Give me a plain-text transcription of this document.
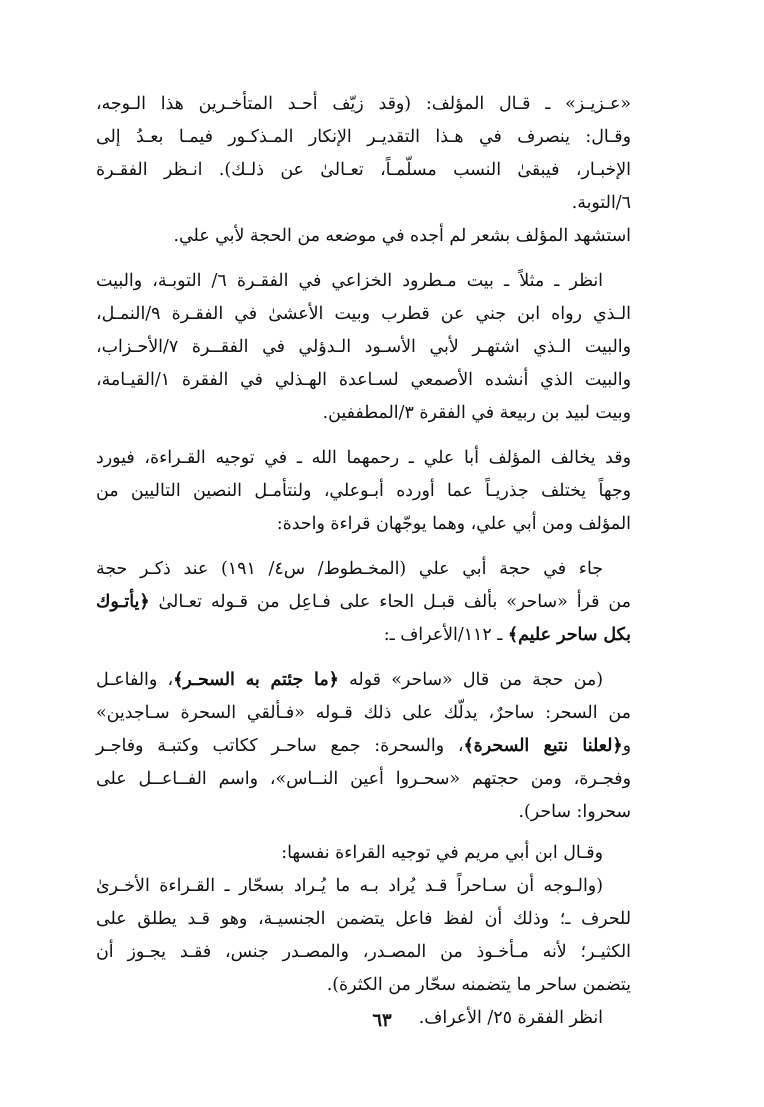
«عـزيـز» ـ قـال المؤلف: (وقد زيّف أحـد المتأخـرين هذا الـوجه،
وقـال: ينصرف في هـذا التقديـر الإنكار المـذكـور فيمـا بعـدُ إلى
الإخبـار، فيبقىٰ النسب مسلّمـاً، تعـالىٰ عن ذلـك). انـظر الفقـرة
٦/التوبة.
استشهد المؤلف بشعر لم أجده في موضعه من الحجة لأبي علي.
انظر ـ مثلاً ـ بيت مـطرود الخزاعي في الفقـرة ٦/ التوبـة، والبيت
الـذي رواه ابن جني عن قطرب وبيت الأعشىٰ في الفقـرة ٩/النمـل،
والبيت الـذي اشتهـر لأبي الأسـود الـدؤلي في الفقــرة ٧/الأحـزاب،
والبيت الذي أنشده الأصمعي لسـاعدة الهـذلي في الفقرة ١/القيـامة،
وبيت لبيد بن ربيعة في الفقرة ٣/المطففين.
وقد يخالف المؤلف أبا علي ـ رحمهما الله ـ في توجيه القـراءة، فيورد
وجهاً يختلف جذريـاً عما أورده أبـوعلي، ولنتأمـل النصين التاليين من
المؤلف ومن أبي علي، وهما يوجّهان قراءة واحدة:
جاء في حجة أبي علي (المخـطوط/ س٤/ ١٩١) عند ذكـر حجة
من قرأ «ساحر» بألف قبـل الحاء على فـاعِل من قـوله تعـالىٰ ﴿يأتـوك
بكل ساحر عليم﴾ ـ ١١٢/الأعراف ـ:
(من حجة من قال «ساحر» قوله ﴿ما جئتم به السحـر﴾، والفاعـل
من السحر: ساحرٌ، يدلّك على ذلك قـوله «فـألقي السحرة سـاجدين»
و﴿لعلنا نتبع السحرة﴾، والسحرة: جمع ساحـر ككاتب وكتبـة وفاجـر
وفجـرة، ومن حجتهم «سحـروا أعين النــاس»، واسم الفــاعــل على
سحروا: ساحر).
وقـال ابن أبي مريم في توجيه القراءة نفسها:
(والـوجه أن سـاحراً قـد يُراد بـه ما يُـراد بسحّار ـ القـراءة الأخـرىٰ
للحرف ـ؛ وذلك أن لفظ فاعل يتضمن الجنسيـة، وهو قـد يطلق على
الكثيـر؛ لأنه مـأخـوذ من المصـدر، والمصـدر جنس، فقـد يجـوز أن
يتضمن ساحر ما يتضمنه سحّار من الكثرة).
انظر الفقرة ٢٥/ الأعراف.
٦٣
